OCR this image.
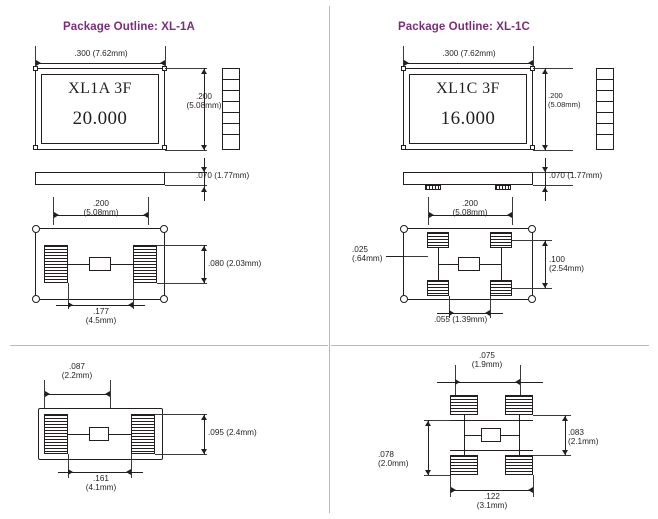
Package Outline: XL-1A
.300 (7.62mm)
XL1A 3F
20.000
.200
(5.08mm)
.070 (1.77mm)
.200
(5.08mm)
.080 (2.03mm)
.177
(4.5mm)
.087
(2.2mm)
.095 (2.4mm)
.161
(4.1mm)
Package Outline: XL-1C
.300 (7.62mm)
XL1C 3F
16.000
.200
(5.08mm)
.070 (1.77mm)
.200
(5.08mm)
.025
(.64mm)	.100
(2.54mm)
.055 (1.39mm)
.075
(1.9mm)
.083
(2.1mm)
.078
(2.0mm)
.122
(3.1mm)
